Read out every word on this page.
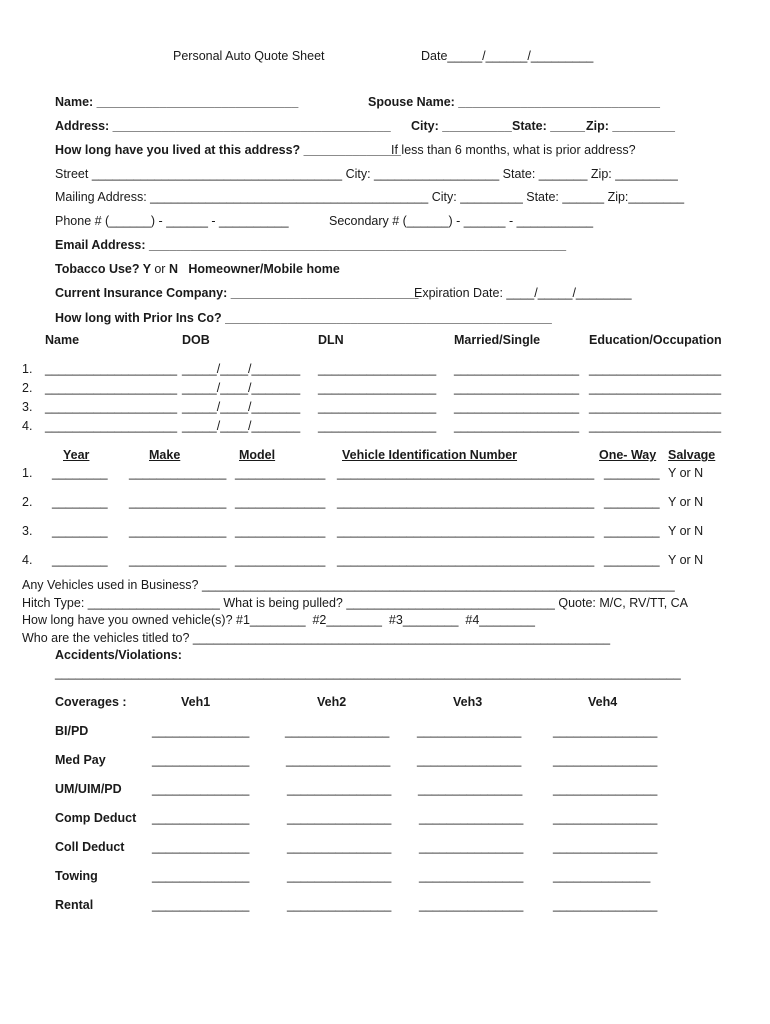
Personal Auto Quote Sheet	Date_____/______/_________
Name: _____________________________	Spouse Name: _____________________________
Address: ________________________________________ City: __________ State: _____ Zip: _________
How long have you lived at this address? ______________
If less than 6 months, what is prior address?
Street ____________________________________ City: __________________ State: _______ Zip: _________
Mailing Address: ________________________________________ City: _________ State: ______ Zip:________
Phone # (______) - ______ - __________	Secondary # (______) - ______ - ___________
Email Address: ____________________________________________________________
Tobacco Use? Y or N   Homeowner/Mobile home
Current Insurance Company: ___________________________
Expiration Date: ____/_____/________
How long with Prior Ins Co? _______________________________________________
Name	DOB	DLN	Married/Single	Education/Occupation
1. ___________________ _____/____/_______ _________________ __________________ ___________________
2. ___________________ _____/____/_______ _________________ __________________ ___________________
3. ___________________ _____/____/_______ _________________ __________________ ___________________
4. ___________________ _____/____/_______ _________________ __________________ ___________________
Year	Make	Model	Vehicle Identification Number	One- Way Salvage
1. ________ ______________ _____________ _____________________________________ ________ Y or N
2. ________ ______________ _____________ _____________________________________ ________ Y or N
3. ________ ______________ _____________ _____________________________________ ________ Y or N
4. ________ ______________ _____________ _____________________________________ ________ Y or N
Any Vehicles used in Business? ____________________________________________________________________
Hitch Type: ___________________ What is being pulled? ______________________________ Quote: M/C, RV/TT, CA
How long have you owned vehicle(s)? #1________  #2________  #3________  #4________
Who are the vehicles titled to? ____________________________________________________________
Accidents/Violations:
__________________________________________________________________________________________
Coverages :	Veh1	Veh2	Veh3	Veh4
BI/PD	______________	_______________ _______________	_______________
Med Pay	______________	_______________ _______________	_______________
UM/UIM/PD ______________	_______________ _______________ _______________
Comp Deduct ______________	_______________ _______________ _______________
Coll Deduct ______________	_______________ _______________ _______________
Towing	______________	_______________ _______________ ______________
Rental	______________	_______________ _______________ _______________
